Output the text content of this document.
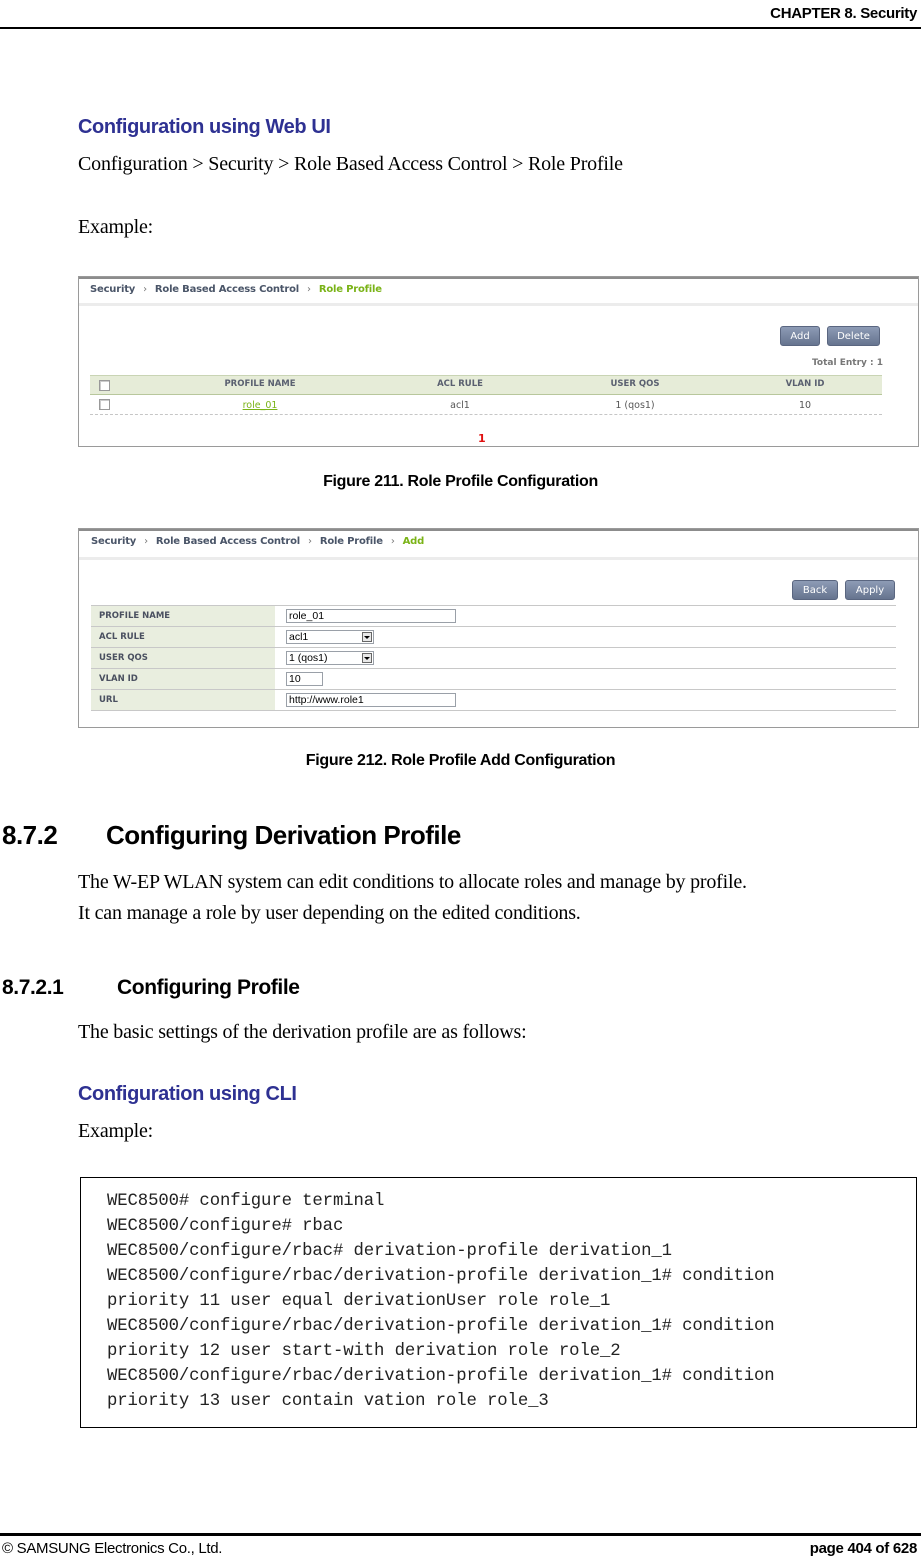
CHAPTER 8. Security
Configuration using Web UI
Configuration > Security > Role Based Access Control > Role Profile
Example:
Security › Role Based Access Control › Role Profile
Add	Delete
Total Entry : 1
PROFILE NAME	ACL RULE	USER QOS	VLAN ID
role_01	acl1	1 (qos1)	10
1
Figure 211. Role Profile Configuration
Security › Role Based Access Control › Role Profile › Add
Back	Apply
PROFILE NAME	role_01
ACL RULE	acl1
USER QOS	1 (qos1)
VLAN ID	10
URL	http://www.role1
Figure 212. Role Profile Add Configuration
8.7.2 Configuring Derivation Profile
The W-EP WLAN system can edit conditions to allocate roles and manage by profile.
It can manage a role by user depending on the edited conditions.
8.7.2.1	Configuring Profile
The basic settings of the derivation profile are as follows:
Configuration using CLI
Example:
WEC8500# configure terminal
WEC8500/configure# rbac
WEC8500/configure/rbac# derivation-profile derivation_1
WEC8500/configure/rbac/derivation-profile derivation_1# condition
priority 11 user equal derivationUser role role_1
WEC8500/configure/rbac/derivation-profile derivation_1# condition
priority 12 user start-with derivation role role_2
WEC8500/configure/rbac/derivation-profile derivation_1# condition
priority 13 user contain vation role role_3
© SAMSUNG Electronics Co., Ltd.	page 404 of 628
